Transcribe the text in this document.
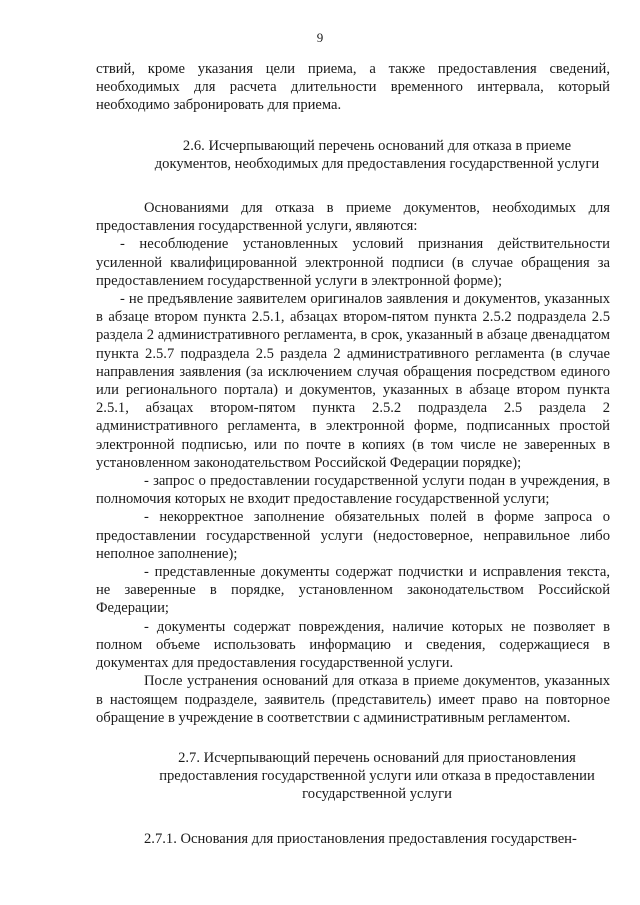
9

ствий, кроме указания цели приема, а также предоставления сведений, необходимых для расчета длительности временного интервала, который необходимо забронировать для приема.

2.6. Исчерпывающий перечень оснований для отказа в приеме документов, необходимых для предоставления государственной услуги

Основаниями для отказа в приеме документов, необходимых для предоставления государственной услуги, являются:

- несоблюдение установленных условий признания действительности усиленной квалифицированной электронной подписи (в случае обращения за предоставлением государственной услуги в электронной форме);

- не предъявление заявителем оригиналов заявления и документов, указанных в абзаце втором пункта 2.5.1, абзацах втором-пятом пункта 2.5.2 подраздела 2.5 раздела 2 административного регламента, в срок, указанный в абзаце двенадцатом пункта 2.5.7 подраздела 2.5 раздела 2 административного регламента (в случае направления заявления (за исключением случая обращения посредством единого или регионального портала) и документов, указанных в абзаце втором пункта 2.5.1, абзацах втором-пятом пункта 2.5.2 подраздела 2.5 раздела 2 административного регламента, в электронной форме, подписанных простой электронной подписью, или по почте в копиях (в том числе не заверенных в установленном законодательством Российской Федерации порядке);

- запрос о предоставлении государственной услуги подан в учреждения, в полномочия которых не входит предоставление государственной услуги;

- некорректное заполнение обязательных полей в форме запроса о предоставлении государственной услуги (недостоверное, неправильное либо неполное заполнение);

- представленные документы содержат подчистки и исправления текста, не заверенные в порядке, установленном законодательством Российской Федерации;

- документы содержат повреждения, наличие которых не позволяет в полном объеме использовать информацию и сведения, содержащиеся в документах для предоставления государственной услуги.

После устранения оснований для отказа в приеме документов, указанных в настоящем подразделе, заявитель (представитель) имеет право на повторное обращение в учреждение в соответствии с административным регламентом.

2.7. Исчерпывающий перечень оснований для приостановления предоставления государственной услуги или отказа в предоставлении государственной услуги

2.7.1. Основания для приостановления предоставления государствен-
